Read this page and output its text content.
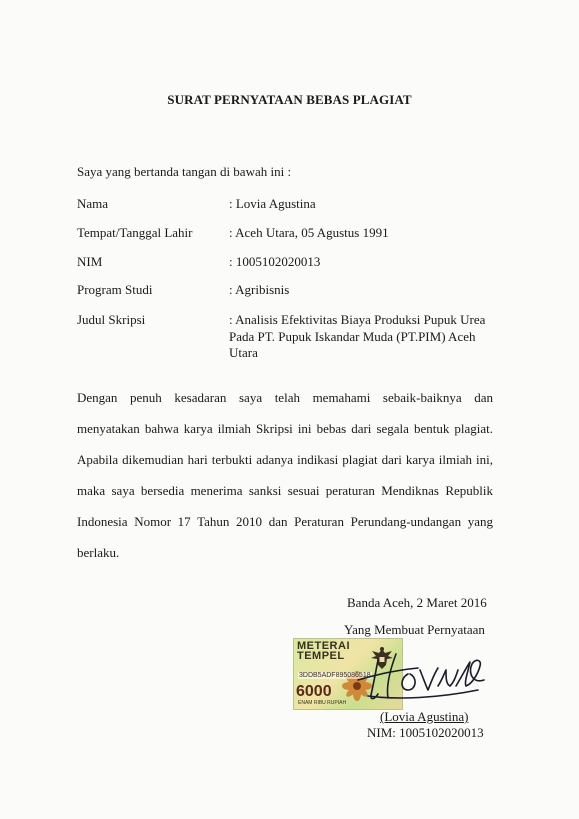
SURAT PERNYATAAN BEBAS PLAGIAT
Saya yang bertanda tangan di bawah ini :
Nama	: Lovia Agustina
Tempat/Tanggal Lahir	: Aceh Utara, 05 Agustus 1991
NIM	: 1005102020013
Program Studi	: Agribisnis
Judul Skripsi	: Analisis Efektivitas Biaya Produksi Pupuk Urea Pada PT. Pupuk Iskandar Muda (PT.PIM) Aceh Utara
Dengan penuh kesadaran saya telah memahami sebaik-baiknya dan menyatakan bahwa karya ilmiah Skripsi ini bebas dari segala bentuk plagiat. Apabila dikemudian hari terbukti adanya indikasi plagiat dari karya ilmiah ini, maka saya bersedia menerima sanksi sesuai peraturan Mendiknas Republik Indonesia Nomor 17 Tahun 2010 dan Peraturan Perundang-undangan yang berlaku.
Banda Aceh, 2 Maret 2016
Yang Membuat Pernyataan
METERAI
TEMPEL
3DDB5ADF895086518
6000
ENAM RIBU RUPIAH
(Lovia Agustina)
NIM: 1005102020013
